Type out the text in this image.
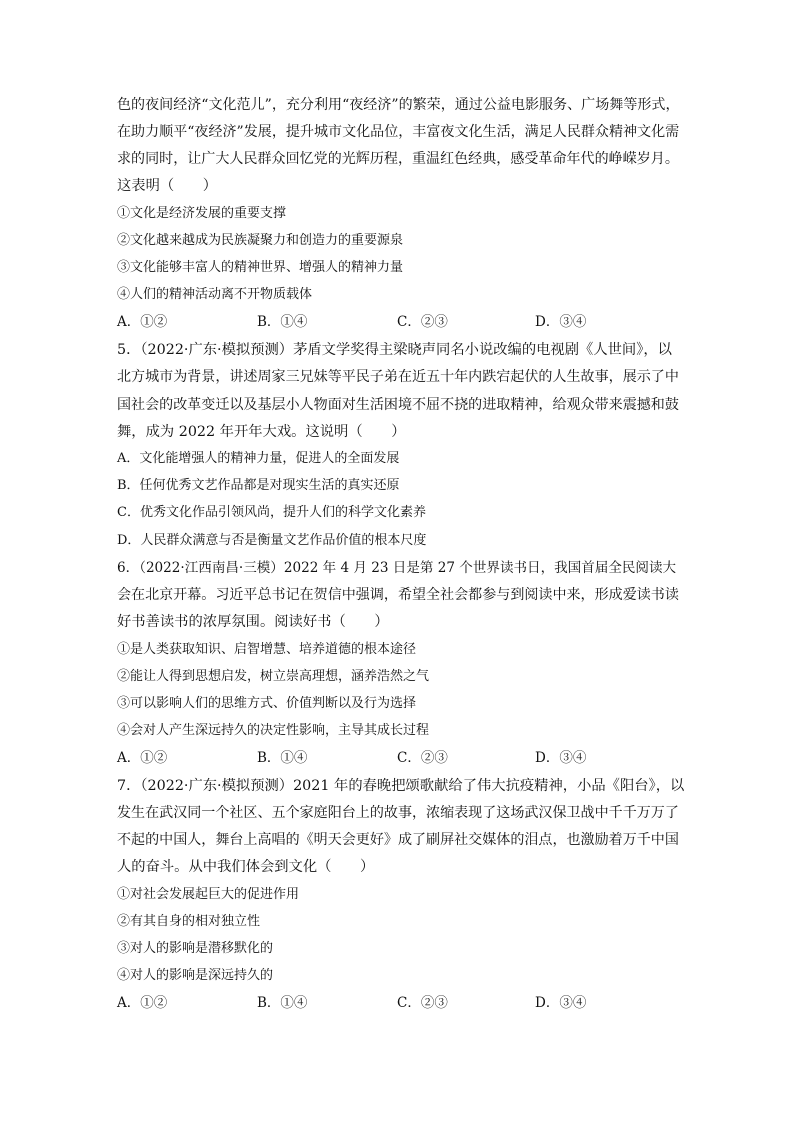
色的夜间经济“文化范儿”，充分利用“夜经济”的繁荣，通过公益电影服务、广场舞等形式，
在助力顺平“夜经济”发展，提升城市文化品位，丰富夜文化生活，满足人民群众精神文化需
求的同时，让广大人民群众回忆党的光辉历程，重温红色经典，感受革命年代的峥嵘岁月。
这表明（　　）
①文化是经济发展的重要支撑
②文化越来越成为民族凝聚力和创造力的重要源泉
③文化能够丰富人的精神世界、增强人的精神力量
④人们的精神活动离不开物质载体
A．①②	B．①④	C．②③	D．③④
5．（2022·广东·模拟预测）茅盾文学奖得主梁晓声同名小说改编的电视剧《人世间》，以
北方城市为背景，讲述周家三兄妹等平民子弟在近五十年内跌宕起伏的人生故事，展示了中
国社会的改革变迁以及基层小人物面对生活困境不屈不挠的进取精神，给观众带来震撼和鼓
舞，成为 2022 年开年大戏。这说明（　　）
A．文化能增强人的精神力量，促进人的全面发展
B．任何优秀文艺作品都是对现实生活的真实还原
C．优秀文化作品引领风尚，提升人们的科学文化素养
D．人民群众满意与否是衡量文艺作品价值的根本尺度
6．（2022·江西南昌·三模）2022 年 4 月 23 日是第 27 个世界读书日，我国首届全民阅读大
会在北京开幕。习近平总书记在贺信中强调，希望全社会都参与到阅读中来，形成爱读书读
好书善读书的浓厚氛围。阅读好书（　　）
①是人类获取知识、启智增慧、培养道德的根本途径
②能让人得到思想启发，树立崇高理想，涵养浩然之气
③可以影响人们的思维方式、价值判断以及行为选择
④会对人产生深远持久的决定性影响，主导其成长过程
A．①②	B．①④	C．②③	D．③④
7．（2022·广东·模拟预测）2021 年的春晚把颂歌献给了伟大抗疫精神，小品《阳台》，以
发生在武汉同一个社区、五个家庭阳台上的故事，浓缩表现了这场武汉保卫战中千千万万了
不起的中国人，舞台上高唱的《明天会更好》成了刷屏社交媒体的泪点，也激励着万千中国
人的奋斗。从中我们体会到文化（　　）
①对社会发展起巨大的促进作用
②有其自身的相对独立性
③对人的影响是潜移默化的
④对人的影响是深远持久的
A．①②	B．①④	C．②③	D．③④
